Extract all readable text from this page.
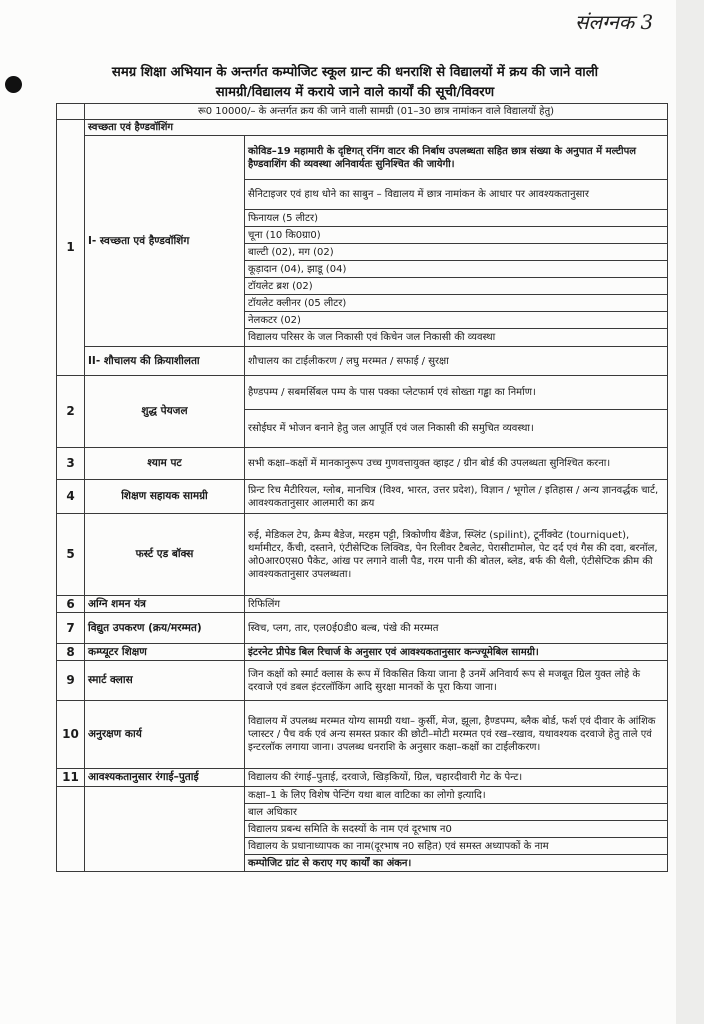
संलग्नक 3
समग्र शिक्षा अभियान के अन्तर्गत कम्पोजिट स्कूल ग्रान्ट की धनराशि से विद्यालयों में क्रय की जाने वाली
सामग्री/विद्यालय में कराये जाने वाले कार्यों की सूची/विवरण
	रू0 10000/– के अन्तर्गत क्रय की जाने वाली सामग्री (01–30 छात्र नामांकन वाले विद्यालयों हेतु)	
1	स्वच्छता एवं हैण्डवॉशिंग	
	I- स्वच्छता एवं हैण्डवॉशिंग	कोविड–19 महामारी के दृष्टिगत् रनिंग वाटर की निर्बाध उपलब्धता सहित छात्र संख्या के अनुपात में मल्टीपल हैण्डवाशिंग की व्यवस्था अनिवार्यतः सुनिश्चित की जायेगी।
		सैनिटाइजर एवं हाथ धोने का साबुन – विद्यालय में छात्र नामांकन के आधार पर आवश्यकतानुसार
		फिनायल (5 लीटर)
		चूना (10 कि0ग्रा0)
		बाल्टी (02), मग (02)
		कूड़ादान (04), झाडू (04)
		टॉयलेट ब्रश (02)
		टॉयलेट क्लीनर (05 लीटर)
		नेलकटर (02)
		विद्यालय परिसर के जल निकासी एवं किचेन जल निकासी की व्यवस्था
	II- शौचालय की क्रियाशीलता	शौचालय का टाईलीकरण / लघु मरम्मत / सफाई / सुरक्षा
2	शुद्ध पेयजल	हैण्डपम्प / सबमर्सिबल पम्प के पास पक्का प्लेटफार्म एवं सोख्ता गड्ढा का निर्माण।
		रसोईघर में भोजन बनाने हेतु जल आपूर्ति एवं जल निकासी की समुचित व्यवस्था।
3	श्याम पट	सभी कक्षा–कक्षों में मानकानुरूप उच्च गुणवत्तायुक्त व्हाइट / ग्रीन बोर्ड की उपलब्धता सुनिश्चित करना।
4	शिक्षण सहायक सामग्री	प्रिन्ट रिच मैटीरियल, ग्लोब, मानचित्र (विश्व, भारत, उत्तर प्रदेश), विज्ञान / भूगोल / इतिहास / अन्य ज्ञानवर्द्धक चार्ट, आवश्यकतानुसार आलमारी का क्रय
5	फर्स्ट एड बॉक्स	रुई, मेडिकल टेप, क्रैम्प बैडेज, मरहम पट्टी, त्रिकोणीय बैंडेज, स्प्लिंट (spilint), टूर्नीक्वेट (tourniquet), थर्मामीटर, कैंची, दस्ताने, एंटीसेप्टिक लिक्विड, पेन रिलीवर टैबलेट, पेरासीटामोल, पेट दर्द एवं गैस की दवा, बरनॉल, ओ0आर0एस0 पैकेट, आंख पर लगाने वाली पैड, गरम पानी की बोतल, ब्लेड, बर्फ की थैली, एंटीसेप्टिक क्रीम की आवश्यकतानुसार उपलब्धता।
6	अग्नि शमन यंत्र	रिफिलिंग
7	विद्युत उपकरण (क्रय/मरम्मत)	स्विच, प्लग, तार, एल0ई0डी0 बल्ब, पंखे की मरम्मत
8	कम्प्यूटर शिक्षण	इंटरनेट प्रीपेड बिल रिचार्ज के अनुसार एवं आवश्यकतानुसार कन्ज्यूमेबिल सामग्री।
9	स्मार्ट क्लास	जिन कक्षों को स्मार्ट क्लास के रूप में विकसित किया जाना है उनमें अनिवार्य रूप से मजबूत ग्रिल युक्त लोहे के दरवाजे एवं डबल इंटरलॉकिंग आदि सुरक्षा मानकों के पूरा किया जाना।
10	अनुरक्षण कार्य	विद्यालय में उपलब्ध मरम्मत योग्य सामग्री यथा– कुर्सी, मेज, झूला, हैण्डपम्प, ब्लैक बोर्ड, फर्श एवं दीवार के आंशिक प्लास्टर / पैच वर्क एवं अन्य समस्त प्रकार की छोटी–मोटी मरम्मत एवं रख–रखाव, यथावश्यक दरवाजे हेतु ताले एवं इन्टरलॉक लगाया जाना। उपलब्ध धनराशि के अनुसार कक्षा–कक्षों का टाईलीकरण।
11	आवश्यकतानुसार रंगाई–पुताई	विद्यालय की रंगाई–पुताई, दरवाजे, खिड़कियों, ग्रिल, चहारदीवारी गेट के पेन्ट।
		कक्षा–1 के लिए विशेष पेन्टिंग यथा बाल वाटिका का लोगो इत्यादि।
		बाल अधिकार
		विद्यालय प्रबन्ध समिति के सदस्यों के नाम एवं दूरभाष न0
		विद्यालय के प्रधानाध्यापक का नाम(दूरभाष न0 सहित) एवं समस्त अध्यापकों के नाम
		कम्पोजिट ग्रांट से कराए गए कार्यों का अंकन।
